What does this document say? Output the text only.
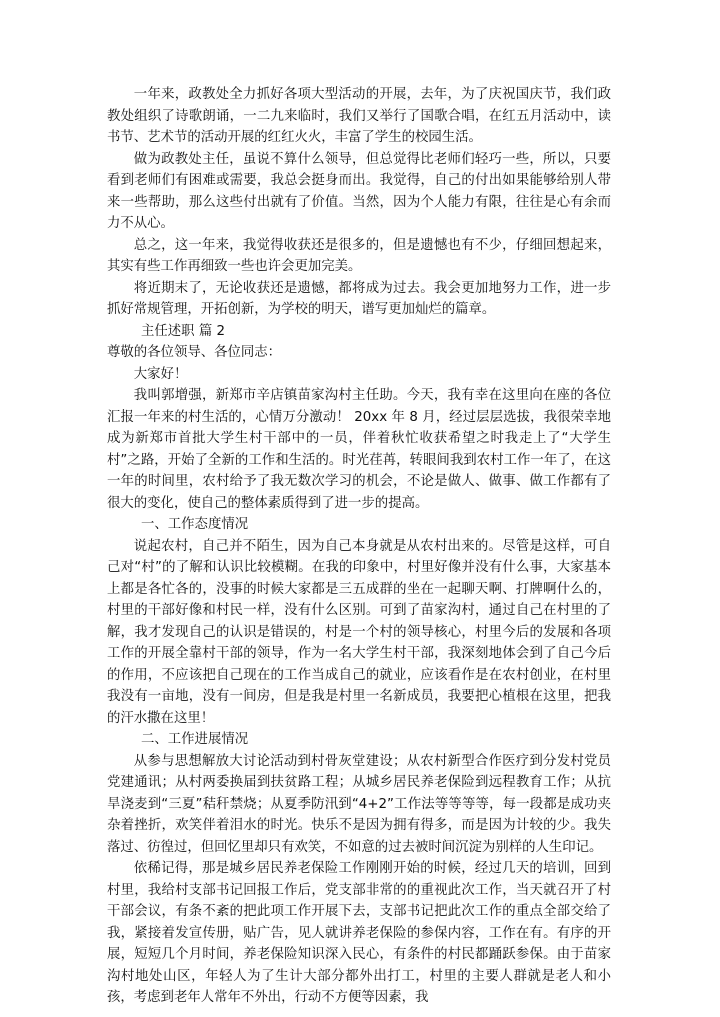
一年来，政教处全力抓好各项大型活动的开展，去年，为了庆祝国庆节，我们政教处组织了诗歌朗诵，一二九来临时，我们又举行了国歌合唱，在红五月活动中，读书节、艺术节的活动开展的红红火火，丰富了学生的校园生活。

做为政教处主任，虽说不算什么领导，但总觉得比老师们轻巧一些，所以，只要看到老师们有困难或需要，我总会挺身而出。我觉得，自己的付出如果能够给别人带来一些帮助，那么这些付出就有了价值。当然，因为个人能力有限，往往是心有余而力不从心。

总之，这一年来，我觉得收获还是很多的，但是遗憾也有不少，仔细回想起来，其实有些工作再细致一些也许会更加完美。

将近期末了，无论收获还是遗憾，都将成为过去。我会更加地努力工作，进一步抓好常规管理，开拓创新，为学校的明天，谱写更加灿烂的篇章。

主任述职 篇 2

尊敬的各位领导、各位同志：

大家好！

我叫郭增强，新郑市辛店镇苗家沟村主任助。今天，我有幸在这里向在座的各位汇报一年来的村生活的，心情万分激动！ 20xx 年 8 月，经过层层选拔，我很荣幸地成为新郑市首批大学生村干部中的一员，伴着秋忙收获希望之时我走上了“大学生村”之路，开始了全新的工作和生活的。时光荏苒，转眼间我到农村工作一年了，在这一年的时间里，农村给予了我无数次学习的机会，不论是做人、做事、做工作都有了很大的变化，使自己的整体素质得到了进一步的提高。

一、工作态度情况

说起农村，自己并不陌生，因为自己本身就是从农村出来的。尽管是这样，可自己对“村”的了解和认识比较模糊。在我的印象中，村里好像并没有什么事，大家基本上都是各忙各的，没事的时候大家都是三五成群的坐在一起聊天啊、打牌啊什么的，村里的干部好像和村民一样，没有什么区别。可到了苗家沟村，通过自己在村里的了解，我才发现自己的认识是错误的，村是一个村的领导核心，村里今后的发展和各项工作的开展全靠村干部的领导，作为一名大学生村干部，我深刻地体会到了自己今后的作用，不应该把自己现在的工作当成自己的就业，应该看作是在农村创业，在村里我没有一亩地，没有一间房，但是我是村里一名新成员，我要把心植根在这里，把我的汗水撒在这里！

二、工作进展情况

从参与思想解放大讨论活动到村骨灰堂建设；从农村新型合作医疗到分发村党员党建通讯；从村两委换届到扶贫路工程；从城乡居民养老保险到远程教育工作；从抗旱浇麦到“三夏”秸秆禁烧；从夏季防汛到“4+2”工作法等等等等，每一段都是成功夹杂着挫折，欢笑伴着泪水的时光。快乐不是因为拥有得多，而是因为计较的少。我失落过、彷徨过，但回忆里却只有欢笑，不如意的过去被时间沉淀为别样的人生印记。

依稀记得，那是城乡居民养老保险工作刚刚开始的时候，经过几天的培训，回到村里，我给村支部书记回报工作后，党支部非常的的重视此次工作，当天就召开了村干部会议，有条不紊的把此项工作开展下去，支部书记把此次工作的重点全部交给了我，紧接着发宣传册，贴广告，见人就讲养老保险的参保内容，工作在有。有序的开展，短短几个月时间，养老保险知识深入民心，有条件的村民都踊跃参保。由于苗家沟村地处山区，年轻人为了生计大部分都外出打工，村里的主要人群就是老人和小孩，考虑到老年人常年不外出，行动不方便等因素，我
